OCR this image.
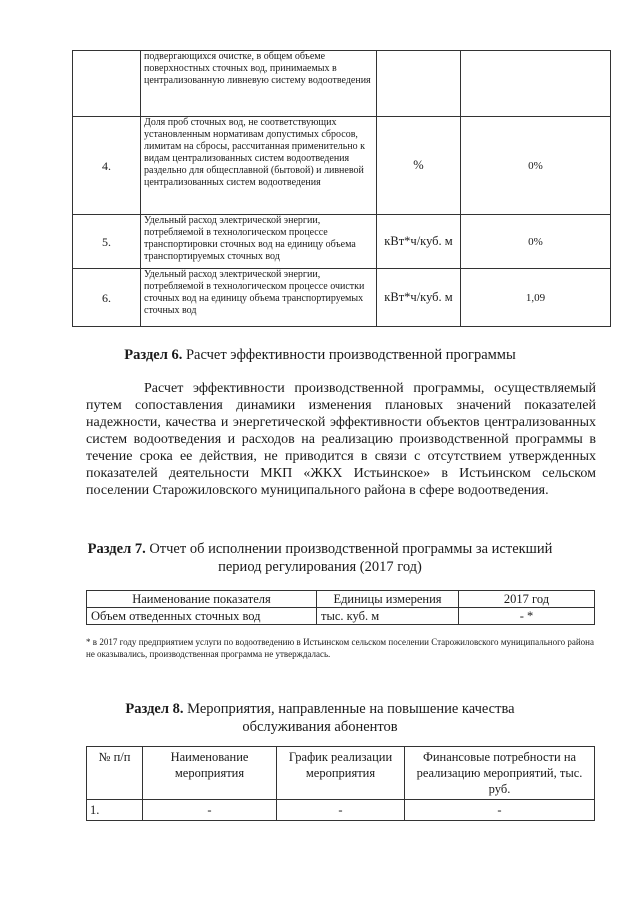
	подвергающихся очистке, в общем объеме поверхностных сточных вод, принимаемых в централизованную ливневую систему водоотведения		
4.	Доля проб сточных вод, не соответствующих установленным нормативам допустимых сбросов, лимитам на сбросы, рассчитанная применительно к видам централизованных систем водоотведения раздельно для общесплавной (бытовой) и ливневой централизованных систем водоотведения	%	0%
5.	Удельный расход электрической энергии, потребляемой в технологическом процессе транспортировки сточных вод на единицу объема транспортируемых сточных вод	кВт*ч/куб. м	0%
6.	Удельный расход электрической энергии, потребляемой в технологическом процессе очистки сточных вод на единицу объема транспортируемых сточных вод	кВт*ч/куб. м	1,09
Раздел 6. Расчет эффективности производственной программы
Расчет эффективности производственной программы, осуществляемый путем сопоставления динамики изменения плановых значений показателей надежности, качества и энергетической эффективности объектов централизованных систем водоотведения и расходов на реализацию производственной программы в течение срока ее действия, не приводится в связи с отсутствием утвержденных показателей деятельности МКП «ЖКХ Истьинское» в Истьинском сельском поселении Старожиловского муниципального района в сфере водоотведения.
Раздел 7. Отчет об исполнении производственной программы за истекший
период регулирования (2017 год)
Наименование показателя	Единицы измерения	2017 год
Объем отведенных сточных вод	тыс. куб. м	- *
* в 2017 году предприятием услуги по водоотведению в Истьинском сельском поселении Старожиловского муниципального района не оказывались, производственная программа не утверждалась.
Раздел 8. Мероприятия, направленные на повышение качества
обслуживания абонентов
№ п/п	Наименование мероприятия	График реализации мероприятия	Финансовые потребности на реализацию мероприятий, тыс. руб.
1.	-	-	-
